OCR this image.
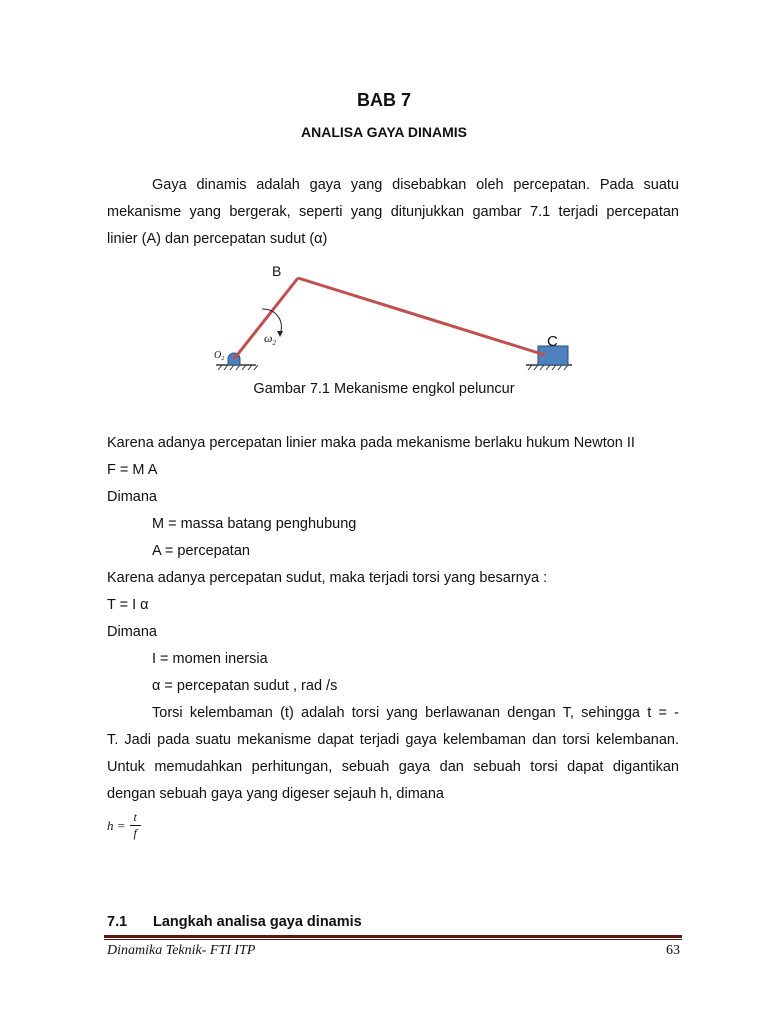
BAB 7
ANALISA GAYA DINAMIS
Gaya dinamis adalah gaya yang disebabkan oleh percepatan. Pada suatu
mekanisme yang bergerak, seperti yang ditunjukkan gambar 7.1 terjadi percepatan
linier (A) dan percepatan sudut (α)
B
C
$O_2$
$\omega_2$
Gambar 7.1 Mekanisme engkol peluncur
Karena adanya percepatan linier maka pada mekanisme berlaku hukum Newton II
F = M A
Dimana
M = massa batang penghubung
A = percepatan
Karena adanya percepatan sudut, maka terjadi torsi yang besarnya :
T = I α
Dimana
I = momen inersia
α = percepatan sudut , rad /s
Torsi kelembaman (t) adalah torsi yang berlawanan dengan T, sehingga t = -
T. Jadi pada suatu mekanisme dapat terjadi gaya kelembaman dan torsi kelembanan.
Untuk memudahkan perhitungan, sebuah gaya dan sebuah torsi dapat digantikan
dengan sebuah gaya yang digeser sejauh h, dimana
h =	t
f
7.1 Langkah analisa gaya dinamis
Dinamika Teknik- FTI ITP	63
